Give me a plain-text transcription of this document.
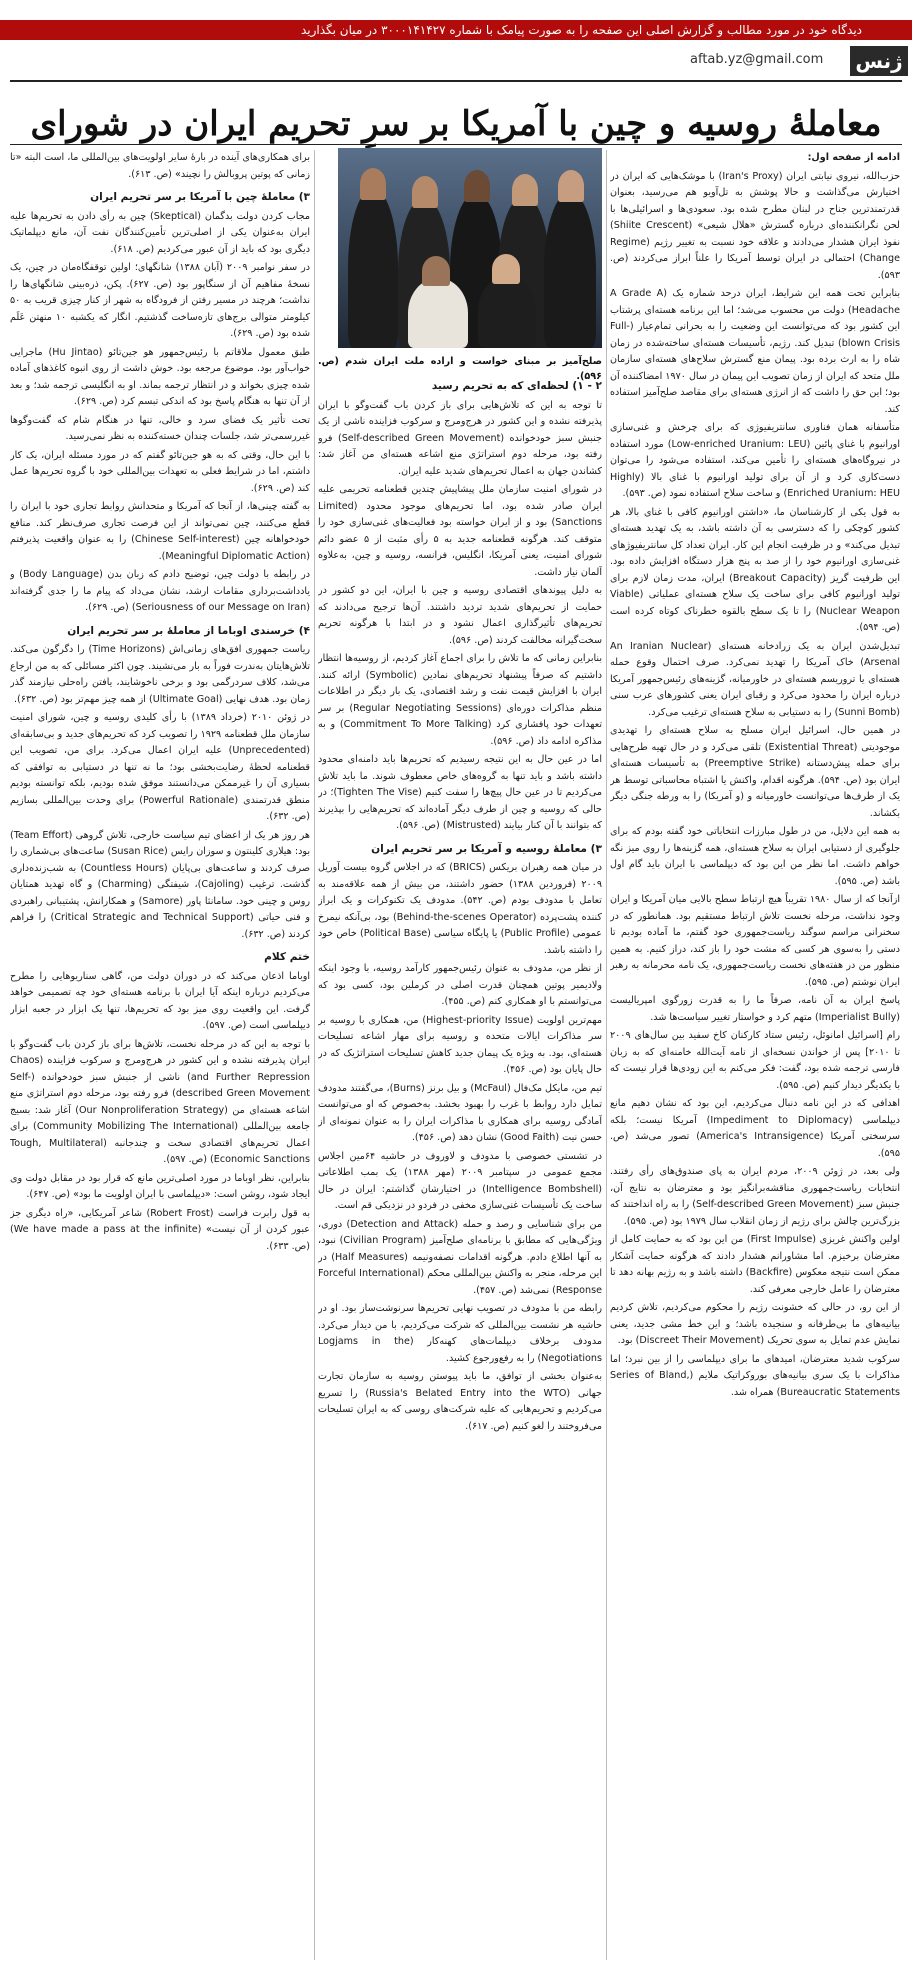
دیدگاه خود در مورد مطالب و گزارش اصلی این صفحه را به صورت پیامک با شماره ۳۰۰۰۱۴۱۴۲۷ در میان بگذارید
aftab.yz@gmail.com ژنس
معاملهٔ روسیه و چین با آمریکا بر سرِ تحریم ایران در شورای
صلح‌آمیز بر مبنای خواست و اراده ملت ایران شدم (ص. ۵۹۶).

ادامه از صفحه اول:

حزب‌الله، نیروی نیابتی ایران (Iran's Proxy) با موشک‌هایی که ایران در اختیارش می‌گذاشت و حالا پوشش به تل‌آویو هم می‌رسید، بعنوان قدرتمندترین جناح در لبنان مطرح شده بود. سعودی‌ها و اسرائیلی‌ها با لحن نگرانکننده‌ای درباره گسترش «هلال شیعی» (Shiite Crescent) نفوذ ایران هشدار می‌دادند و علاقه خود نسبت به تغییر رژیم (Regime Change) احتمالی در ایران توسط آمریکا را علناً ابراز می‌کردند (ص. ۵۹۳).

بنابراین تحت همه این شرایط، ایران درحد شماره یک (A Grade A Headache) دولت من محسوب می‌شد؛ اما این برنامه هسته‌ای پرشتاب این کشور بود که می‌توانست این وضعیت را به بحرانی تمام‌عیار (Full-blown Crisis) تبدیل کند. رژیم، تأسیسات هسته‌ای ساخته‌شده در زمان شاه را به ارث برده بود. پیمان منع گسترش سلاح‌های هسته‌ای سازمان ملل متحد که ایران از زمان تصویب این پیمان در سال ۱۹۷۰ امضاکننده آن بود؛ این حق را داشت که از انرژی هسته‌ای برای مقاصد صلح‌آمیز استفاده کند.

متأسفانه همان فناوری سانتریفیوژی که برای چرخش و غنی‌سازی اورانیوم با غنای پائین (Low-enriched Uranium: LEU) مورد استفاده در نیروگاه‌های هسته‌ای را تأمین می‌کند، استفاده می‌شود را می‌توان دست‌کاری کرد و از آن برای تولید اورانیوم با غنای بالا (Highly Enriched Uranium: HEU) و ساخت سلاح استفاده نمود (ص. ۵۹۳).

به قول یکی از کارشناسان ما، «داشتن اورانیوم کافی با غنای بالا، هر کشور کوچکی را که دسترسی به آن داشته باشد، به یک تهدید هسته‌ای تبدیل می‌کند» و در ظرفیت انجام این کار. ایران تعداد کل سانتریفیوژهای غنی‌سازی اورانیوم خود را از صد به پنج هزار دستگاه افزایش داده بود. این ظرفیت گریز (Breakout Capacity) ایران، مدت زمان لازم برای تولید اورانیوم کافی برای ساخت یک سلاح هسته‌ای عملیاتی (Viable Nuclear Weapon) را تا یک سطح بالقوه خطرناک کوتاه کرده است (ص. ۵۹۴).

تبدیل‌شدن ایران به یک زرادخانه هسته‌ای (An Iranian Nuclear Arsenal) خاک آمریکا را تهدید نمی‌کرد. صرف احتمال وقوع حمله هسته‌ای یا تروریسم هسته‌ای در خاورمیانه، گزینه‌های رئیس‌جمهور آمریکا درباره ایران را محدود می‌کرد و رقبای ایران یعنی کشورهای عرب سنی (Sunni Bomb) را به دستیابی به سلاح هسته‌ای ترغیب می‌کرد.

در همین حال، اسرائیل ایران مسلح به سلاح هسته‌ای را تهدیدی موجودیتی (Existential Threat) تلقی می‌کرد و در حال تهیه طرح‌هایی برای حمله پیش‌دستانه (Preemptive Strike) به تأسیسات هسته‌ای ایران بود (ص. ۵۹۴). هرگونه اقدام، واکنش یا اشتباه محاسباتی توسط هر یک از طرف‌ها می‌توانست خاورمیانه و (و آمریکا) را به ورطه جنگی دیگر بکشاند.

به همه این دلایل، من در طول مبارزات انتخاباتی خود گفته بودم که برای جلوگیری از دستیابی ایران به سلاح هسته‌ای، همه گزینه‌ها را روی میز نگه خواهم داشت. اما نظر من این بود که دیپلماسی با ایران باید گام اول باشد (ص. ۵۹۵).

ازآنجا که از سال ۱۹۸۰ تقریباً هیچ ارتباط سطح بالایی میان آمریکا و ایران وجود نداشت، مرحله نخست تلاش ارتباط مستقیم بود. همانطور که در سخنرانی مراسم سوگند ریاست‌جمهوری خود گفتم، ما آماده بودیم تا دستی را به‌سوی هر کسی که مشت خود را باز کند، دراز کنیم. به همین منظور من در هفته‌های نخست ریاست‌جمهوری، یک نامه محرمانه به رهبر ایران نوشتم (ص. ۵۹۵).

پاسخ ایران به آن نامه، صرفاً ما را به قدرت زورگوی امپریالیست (Imperialist Bully) متهم کرد و خواستار تغییر سیاست‌ها شد.

رام [اسرائیل امانوئل، رئیس ستاد کارکنان کاخ سفید بین سال‌های ۲۰۰۹ تا ۲۰۱۰] پس از خواندن نسخه‌ای از نامه آیت‌الله خامنه‌ای که به زبان فارسی ترجمه شده بود، گفت: فکر می‌کنم به این زودی‌ها قرار نیست که با یکدیگر دیدار کنیم (ص. ۵۹۵).

اهدافی که در این نامه دنبال می‌کردیم، این بود که نشان دهیم مانع دیپلماسی (Impediment to Diplomacy) آمریکا نیست؛ بلکه سرسختی آمریکا (America's Intransigence) تصور می‌شد (ص. ۵۹۵).

ولی بعد، در ژوئن ۲۰۰۹، مردم ایران به پای صندوق‌های رأی رفتند. انتخابات ریاست‌جمهوری مناقشه‌برانگیز بود و معترضان به نتایج آن، جنبش سبز (Self-described Green Movement) را به راه انداختند که بزرگ‌ترین چالش برای رژیم از زمان انقلاب سال ۱۹۷۹ بود (ص. ۵۹۵).

اولین واکنش غریزی (First Impulse) من این بود که به حمایت کامل از معترضان برخیزم. اما مشاورانم هشدار دادند که هرگونه حمایت آشکار ممکن است نتیجه معکوس (Backfire) داشته باشد و به رژیم بهانه دهد تا معترضان را عامل خارجی معرفی کند.

از این رو، در حالی که خشونت رژیم را محکوم می‌کردیم، تلاش کردیم بیانیه‌های ما بی‌طرفانه و سنجیده باشد؛ و این خط مشی جدید، یعنی نمایش عدم تمایل به سوی تحریک (Discreet Their Movement) بود.

سرکوب شدید معترضان، امیدهای ما برای دیپلماسی را از بین نبرد؛ اما مذاکرات با یک سری بیانیه‌های بوروکراتیک ملایم (Series of Bland, Bureaucratic Statements) همراه شد.

۲ - ۱) لحظه‌ای که به تحریم رسید

تا توجه به این که تلاش‌هایی برای باز کردن باب گفت‌وگو با ایران پذیرفته نشده و این کشور در هرج‌ومرج و سرکوب فزاینده ناشی از یک جنبش سبز خودخوانده (Self-described Green Movement) فرو رفته بود، مرحله دوم استراتژی منع اشاعه هسته‌ای من آغاز شد: کشاندن جهان به اعمال تحریم‌های شدید علیه ایران.

در شورای امنیت سازمان ملل پیشاپیش چندین قطعنامه تحریمی علیه ایران صادر شده بود، اما تحریم‌های موجود محدود (Limited Sanctions) بود و از ایران خواسته بود فعالیت‌های غنی‌سازی خود را متوقف کند. هرگونه قطعنامه جدید به ۵ رأی مثبت از ۵ عضو دائم شورای امنیت، یعنی آمریکا، انگلیس، فرانسه، روسیه و چین، به‌علاوه آلمان نیاز داشت.

به دلیل پیوندهای اقتصادی روسیه و چین با ایران، این دو کشور در حمایت از تحریم‌های شدید تردید داشتند. آن‌ها ترجیح می‌دادند که تحریم‌های تأثیرگذاری اعمال نشود و در ابتدا با هرگونه تحریم سخت‌گیرانه مخالفت کردند (ص. ۵۹۶).

بنابراین زمانی که ما تلاش را برای اجماع آغاز کردیم، از روسیه‌ها انتظار داشتیم که صرفاً پیشنهاد تحریم‌های نمادین (Symbolic) ارائه کنند. ایران با افزایش قیمت نفت و رشد اقتصادی، یک بار دیگر در اطلاعات منظم مذاکرات دوره‌ای (Regular Negotiating Sessions) بر سر تعهدات خود پافشاری کرد (Commitment To More Talking) و به مذاکره ادامه داد (ص. ۵۹۶).

اما در عین حال به این نتیجه رسیدیم که تحریم‌ها باید دامنه‌ای محدود داشته باشد و باید تنها به گروه‌های خاص معطوف شوند. ما باید تلاش می‌کردیم تا در عین حال پیچ‌ها را سفت کنیم (Tighten The Vise)؛ در حالی که روسیه و چین از طرف دیگر آماده‌اند که تحریم‌هایی را بپذیرند که بتوانند با آن کنار بیایند (Mistrusted) (ص. ۵۹۶).

۳) معاملهٔ روسیه و آمریکا بر سر تحریم ایران

در میان همه رهبران بریکس (BRICS) که در اجلاس گروه بیست آوریل ۲۰۰۹ (فروردین ۱۳۸۸) حضور داشتند، من بیش از همه علاقه‌مند به تعامل با مدودف بودم (ص. ۵۴۲). مدودف یک تکنوکرات و یک ابراز کننده پشت‌پرده (Behind-the-scenes Operator) بود، بی‌آنکه نیمرخ عمومی (Public Profile) یا پایگاه سیاسی (Political Base) خاص خود را داشته باشد.

از نظر من، مدودف به عنوان رئیس‌جمهور کارآمد روسیه، با وجود اینکه ولادیمیر پوتین همچنان قدرت اصلی در کرملین بود، کسی بود که می‌توانستم با او همکاری کنم (ص. ۴۵۵).

مهم‌ترین اولویت (Highest-priority Issue) من، همکاری با روسیه بر سر مذاکرات ایالات متحده و روسیه برای مهار اشاعه تسلیحات هسته‌ای، بود. به ویژه یک پیمان جدید کاهش تسلیحات استراتژیک که در حال پایان بود (ص. ۴۵۶).

تیم من، مایکل مک‌فال (McFaul) و بیل برنز (Burns)، می‌گفتند مدودف تمایل دارد روابط با غرب را بهبود بخشد. به‌خصوص که او می‌توانست آمادگی روسیه برای همکاری با مذاکرات ایران را به عنوان نمونه‌ای از حسن نیت (Good Faith) نشان دهد (ص. ۴۵۶).

در تشستی خصوصی با مدودف و لاوروف در حاشیه ۶۴مین اجلاس مجمع عمومی در سپتامبر ۲۰۰۹ (مهر ۱۳۸۸) یک بمب اطلاعاتی (Intelligence Bombshell) در اختیارشان گذاشتم: ایران در حال ساخت یک تأسیسات غنی‌سازی مخفی در فردو در نزدیکی قم است.

من برای شناسایی و رصد و حمله (Detection and Attack) دوری، ویژگی‌هایی که مطابق با برنامه‌ای صلح‌آمیز (Civilian Program) نبود، به آنها اطلاع دادم. هرگونه اقدامات نصفه‌ونیمه (Half Measures) در این مرحله، منجر به واکنش بین‌المللی محکم (Forceful International Response) نمی‌شد (ص. ۴۵۷).

رابطه من با مدودف در تصویب نهایی تحریم‌ها سرنوشت‌ساز بود. او در حاشیه هر نشست بین‌المللی که شرکت می‌کردیم، با من دیدار می‌کرد. مدودف برخلاف دیپلمات‌های کهنه‌کار (Logjams in the Negotiations) را به رفع‌ورجوع کشید.

به‌عنوان بخشی از توافق، ما باید پیوستن روسیه به سازمان تجارت جهانی (Russia's Belated Entry into the WTO) را تسریع می‌کردیم و تحریم‌هایی که علیه شرکت‌های روسی که به ایران تسلیحات می‌فروختند را لغو کنیم (ص. ۶۱۷).

برای همکاری‌های آینده در بارهٔ سایر اولویت‌های بین‌المللی ما، است البته «تا زمانی که پوتین پروبالش را نچیند» (ص. ۶۱۳).

۳) معاملهٔ چین با آمریکا بر سر تحریم ایران

مجاب کردن دولت بدگمان (Skeptical) چین به رأی دادن به تحریم‌ها علیه ایران به‌عنوان یکی از اصلی‌ترین تأمین‌کنندگان نفت آن، مانع دیپلماتیک دیگری بود که باید از آن عبور می‌کردیم (ص. ۶۱۸).

در سفر نوامبر ۲۰۰۹ (آبان ۱۳۸۸) شانگهای؛ اولین توقفگاه‌مان در چین، یک نسخهٔ مفاهیم آن از سنگاپور بود (ص. ۶۲۷). پکن، ذره‌بینی شانگهای‌ها را نداشت؛ هرچند در مسیر رفتن از فرودگاه به شهر از کنار چیزی قریب به ۵۰ کیلومتر متوالی برج‌های تازه‌ساخت گذشتیم. انگار که یکشبه ۱۰ منهتن عَلَم شده بود (ص. ۶۲۹).

طبق معمول ملاقاتم با رئیس‌جمهور هو جین‌تائو (Hu Jintao) ماجرایی خواب‌آور بود. موضوع مرجعه بود. خوش داشت از روی انبوه کاغذهای آماده شده چیزی بخواند و در انتظار ترجمه بماند. او به انگلیسی ترجمه شد؛ و بعد از آن تنها به هنگام پاسخ بود که اندکی تبسم کرد (ص. ۶۲۹).

تحت تأثیر یک فضای سرد و خالی، تنها در هنگام شام که گفت‌وگوها غیررسمی‌تر شد، جلسات چندان خسته‌کننده به نظر نمی‌رسید.

با این حال، وقتی که به هو جین‌تائو گفتم که در مورد مسئله ایران، یک کار داشتم، اما در شرایط فعلی به تعهدات بین‌المللی خود با گروه تحریم‌ها عمل کند (ص. ۶۲۹).

به گفته چینی‌ها، از آنجا که آمریکا و متحدانش روابط تجاری خود با ایران را قطع می‌کنند، چین نمی‌تواند از این فرصت تجاری صرف‌نظر کند. منافع خودخواهانه چین (Chinese Self-interest) را به عنوان واقعیت پذیرفتم (Meaningful Diplomatic Action).

در رابطه با دولت چین، توضیح دادم که زبان بدن (Body Language) و یادداشت‌برداری مقامات ارشد، نشان می‌داد که پیام ما را جدی گرفته‌اند (Seriousness of our Message on Iran) (ص. ۶۲۹).

۴) خرسندی اوباما از معاملهٔ بر سر تحریم ایران

ریاست جمهوری افق‌های زمانی‌اش (Time Horizons) را دگرگون می‌کند. تلاش‌هایتان به‌ندرت فوراً به بار می‌نشیند. چون اکثر مسائلی که به من ارجاع می‌شد، کلاف سردرگمی بود و برخی ناخوشایند، یافتن راه‌حلی نیازمند گذر زمان بود. هدف نهایی (Ultimate Goal) از همه چیز مهم‌تر بود (ص. ۶۳۲).

در ژوئن ۲۰۱۰ (خرداد ۱۳۸۹) با رأی کلیدی روسیه و چین، شورای امنیت سازمان ملل قطعنامه ۱۹۲۹ را تصویب کرد که تحریم‌های جدید و بی‌سابقه‌ای (Unprecedented) علیه ایران اعمال می‌کرد. برای من، تصویب این قطعنامه لحظهٔ رضایت‌بخشی بود؛ ما نه تنها در دستیابی به توافقی که بسیاری آن را غیرممکن می‌دانستند موفق شده بودیم، بلکه توانسته بودیم منطق قدرتمندی (Powerful Rationale) برای وحدت بین‌المللی بسازیم (ص. ۶۳۲).

هر روز هر یک از اعضای تیم سیاست خارجی، تلاش گروهی (Team Effort) بود: هیلاری کلینتون و سوزان رایس (Susan Rice) ساعت‌های بی‌شماری را صرف کردند و ساعت‌های بی‌پایان (Countless Hours) به شب‌زنده‌داری گذشت. ترغیب (Cajoling)، شیفتگی (Charming) و گاه تهدید همتایان روس و چینی خود. سامانثا پاور (Samore) و همکارانش، پشتیبانی راهبردی و فنی حیاتی (Critical Strategic and Technical Support) را فراهم کردند (ص. ۶۳۲).

ختم کلام

اوباما اذعان می‌کند که در دوران دولت من، گاهی سناریوهایی را مطرح می‌کردیم درباره اینکه آیا ایران با برنامه هسته‌ای خود چه تصمیمی خواهد گرفت. این واقعیت روی میز بود که تحریم‌ها، تنها یک ابزار در جعبه ابزار دیپلماسی است (ص. ۵۹۷).

با توجه به این که در مرحله نخست، تلاش‌ها برای باز کردن باب گفت‌وگو با ایران پذیرفته نشده و این کشور در هرج‌ومرج و سرکوب فزاینده (Chaos and Further Repression) ناشی از جنبش سبز خودخوانده (Self-described Green Movement) فرو رفته بود، مرحله دوم استراتژی منع اشاعه هسته‌ای من (Our Nonproliferation Strategy) آغاز شد: بسیج جامعه بین‌المللی (Community Mobilizing The International) برای اعمال تحریم‌های اقتصادی سخت و چندجانبه (Tough, Multilateral Economic Sanctions) (ص. ۵۹۷).

بنابراین، نظر اوباما در مورد اصلی‌ترین مانع که قرار بود در مقابل دولت وی ایجاد شود، روشن است: «دیپلماسی با ایران اولویت ما بود» (ص. ۶۴۷).

به قول رابرت فراست (Robert Frost) شاعر آمریکایی، «راه دیگری جز عبور کردن از آن نیست» (We have made a pass at the infinite) (ص. ۶۳۳).
